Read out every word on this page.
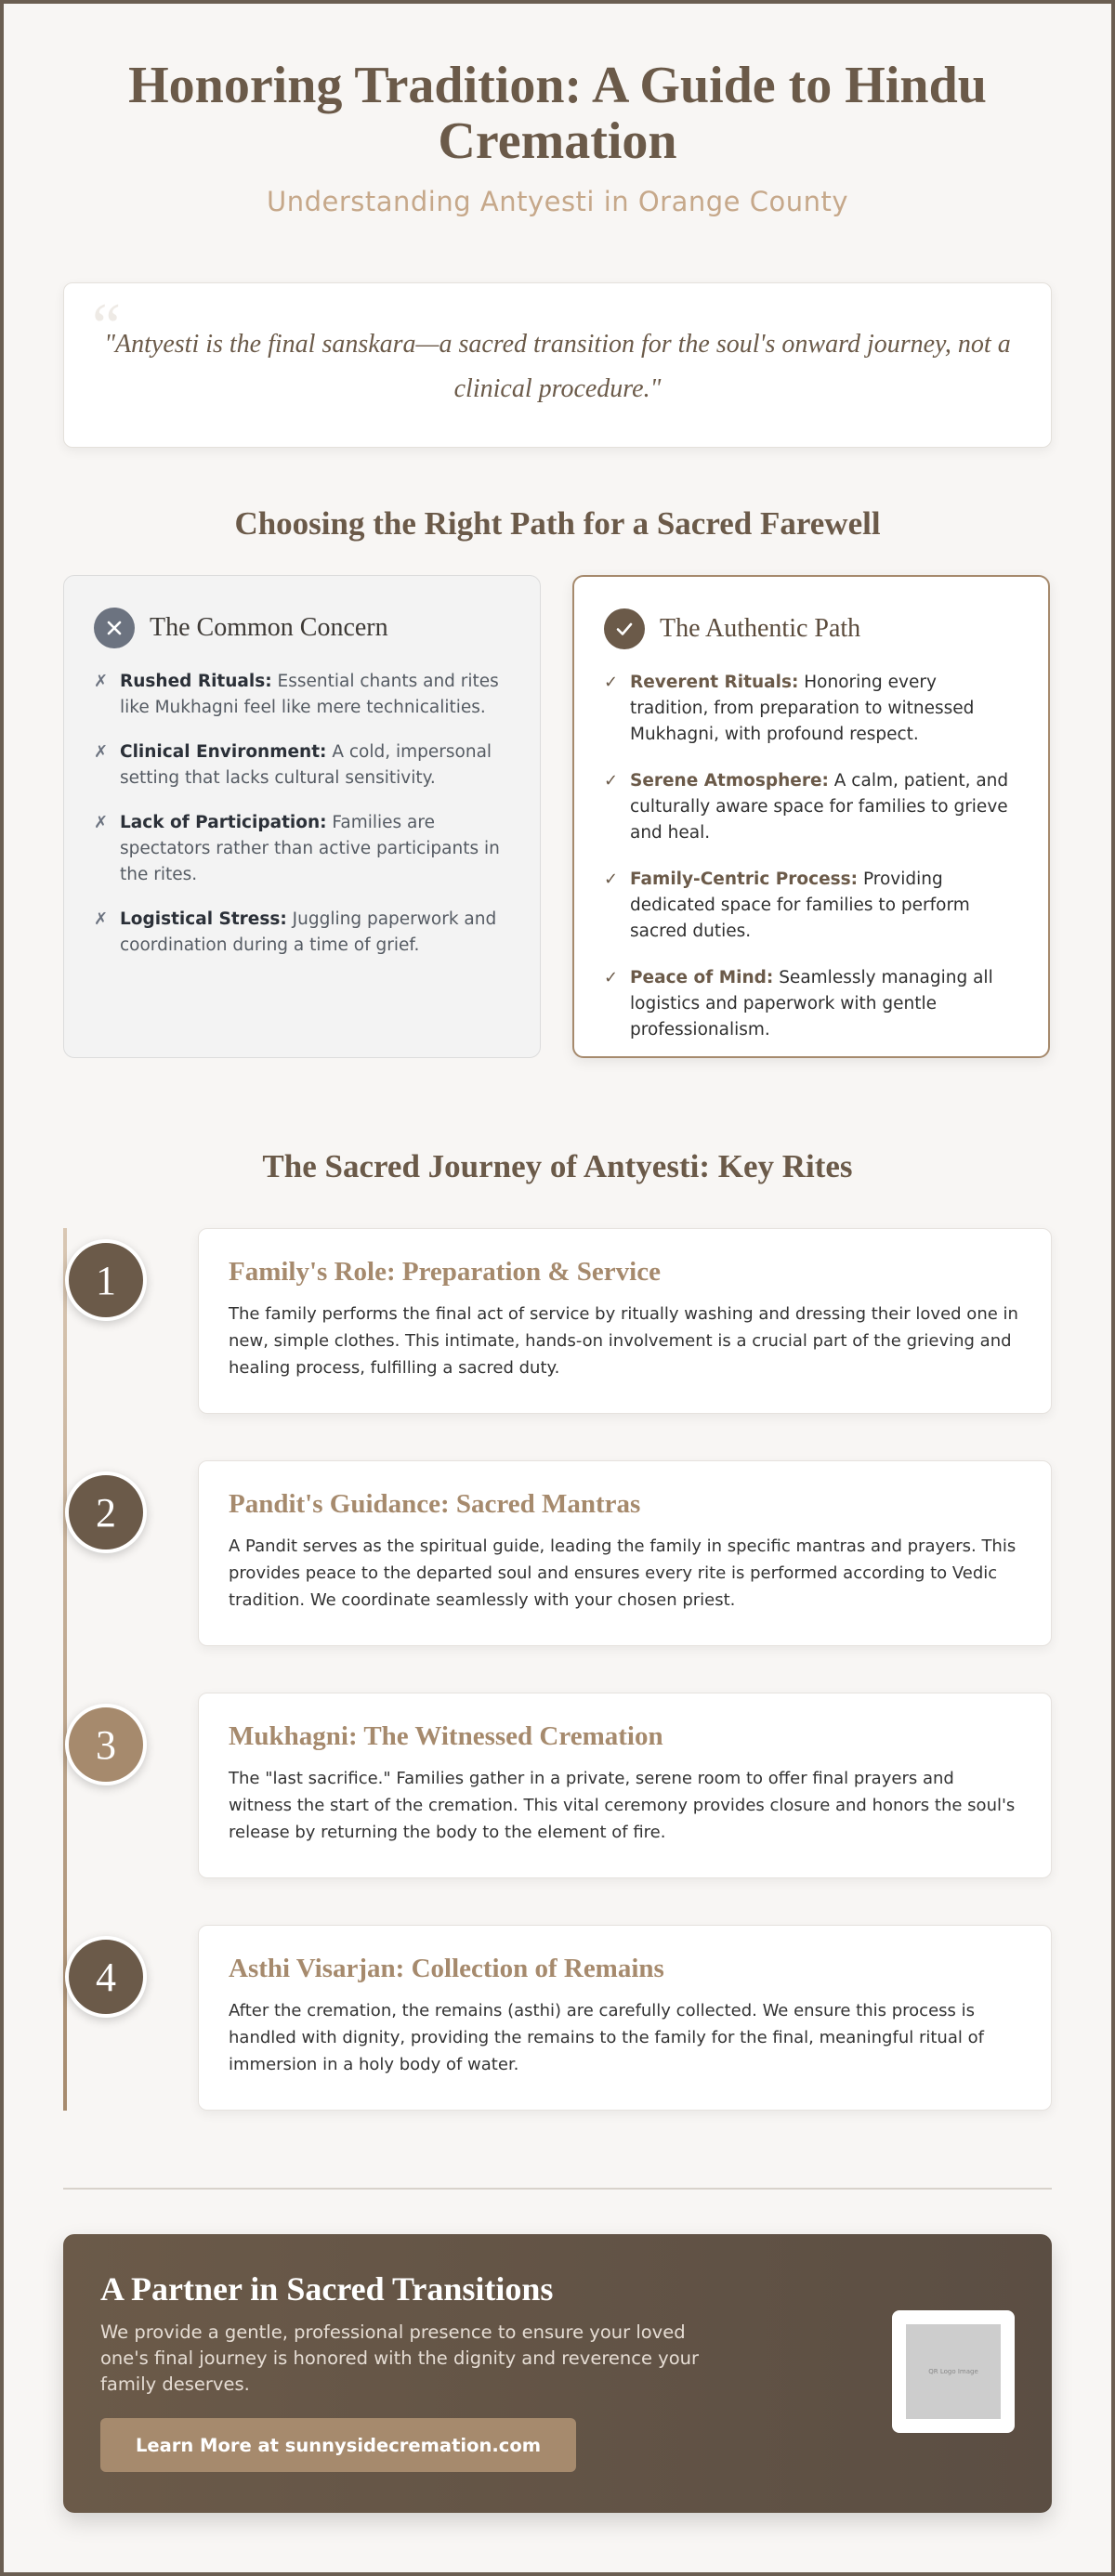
Honoring Tradition: A Guide to Hindu Cremation
Understanding Antyesti in Orange County
“

"Antyesti is the final sanskara—a sacred transition for the soul's onward journey, not a clinical procedure."

Choosing the Right Path for a Sacred Farewell
The Common Concern
✗ Rushed Rituals: Essential chants and rites like Mukhagni feel like mere technicalities.
✗ Clinical Environment: A cold, impersonal setting that lacks cultural sensitivity.
✗ Lack of Participation: Families are spectators rather than active participants in the rites.
✗ Logistical Stress: Juggling paperwork and coordination during a time of grief.
The Authentic Path
✓ Reverent Rituals: Honoring every tradition, from preparation to witnessed Mukhagni, with profound respect.
✓ Serene Atmosphere: A calm, patient, and culturally aware space for families to grieve and heal.
✓ Family-Centric Process: Providing dedicated space for families to perform sacred duties.
✓ Peace of Mind: Seamlessly managing all logistics and paperwork with gentle professionalism.
The Sacred Journey of Antyesti: Key Rites
1	Family's Role: Preparation & Service

The family performs the final act of service by ritually washing and dressing their loved one in new, simple clothes. This intimate, hands-on involvement is a crucial part of the grieving and healing process, fulfilling a sacred duty.

2	Pandit's Guidance: Sacred Mantras

A Pandit serves as the spiritual guide, leading the family in specific mantras and prayers. This provides peace to the departed soul and ensures every rite is performed according to Vedic tradition. We coordinate seamlessly with your chosen priest.

3	Mukhagni: The Witnessed Cremation

The "last sacrifice." Families gather in a private, serene room to offer final prayers and witness the start of the cremation. This vital ceremony provides closure and honors the soul's release by returning the body to the element of fire.

4	Asthi Visarjan: Collection of Remains

After the cremation, the remains (asthi) are carefully collected. We ensure this process is handled with dignity, providing the remains to the family for the final, meaningful ritual of immersion in a holy body of water.

A Partner in Sacred Transitions

We provide a gentle, professional presence to ensure your loved one's final journey is honored with the dignity and reverence your family deserves.

Learn More at sunnysidecremation.com
QR Logo Image
